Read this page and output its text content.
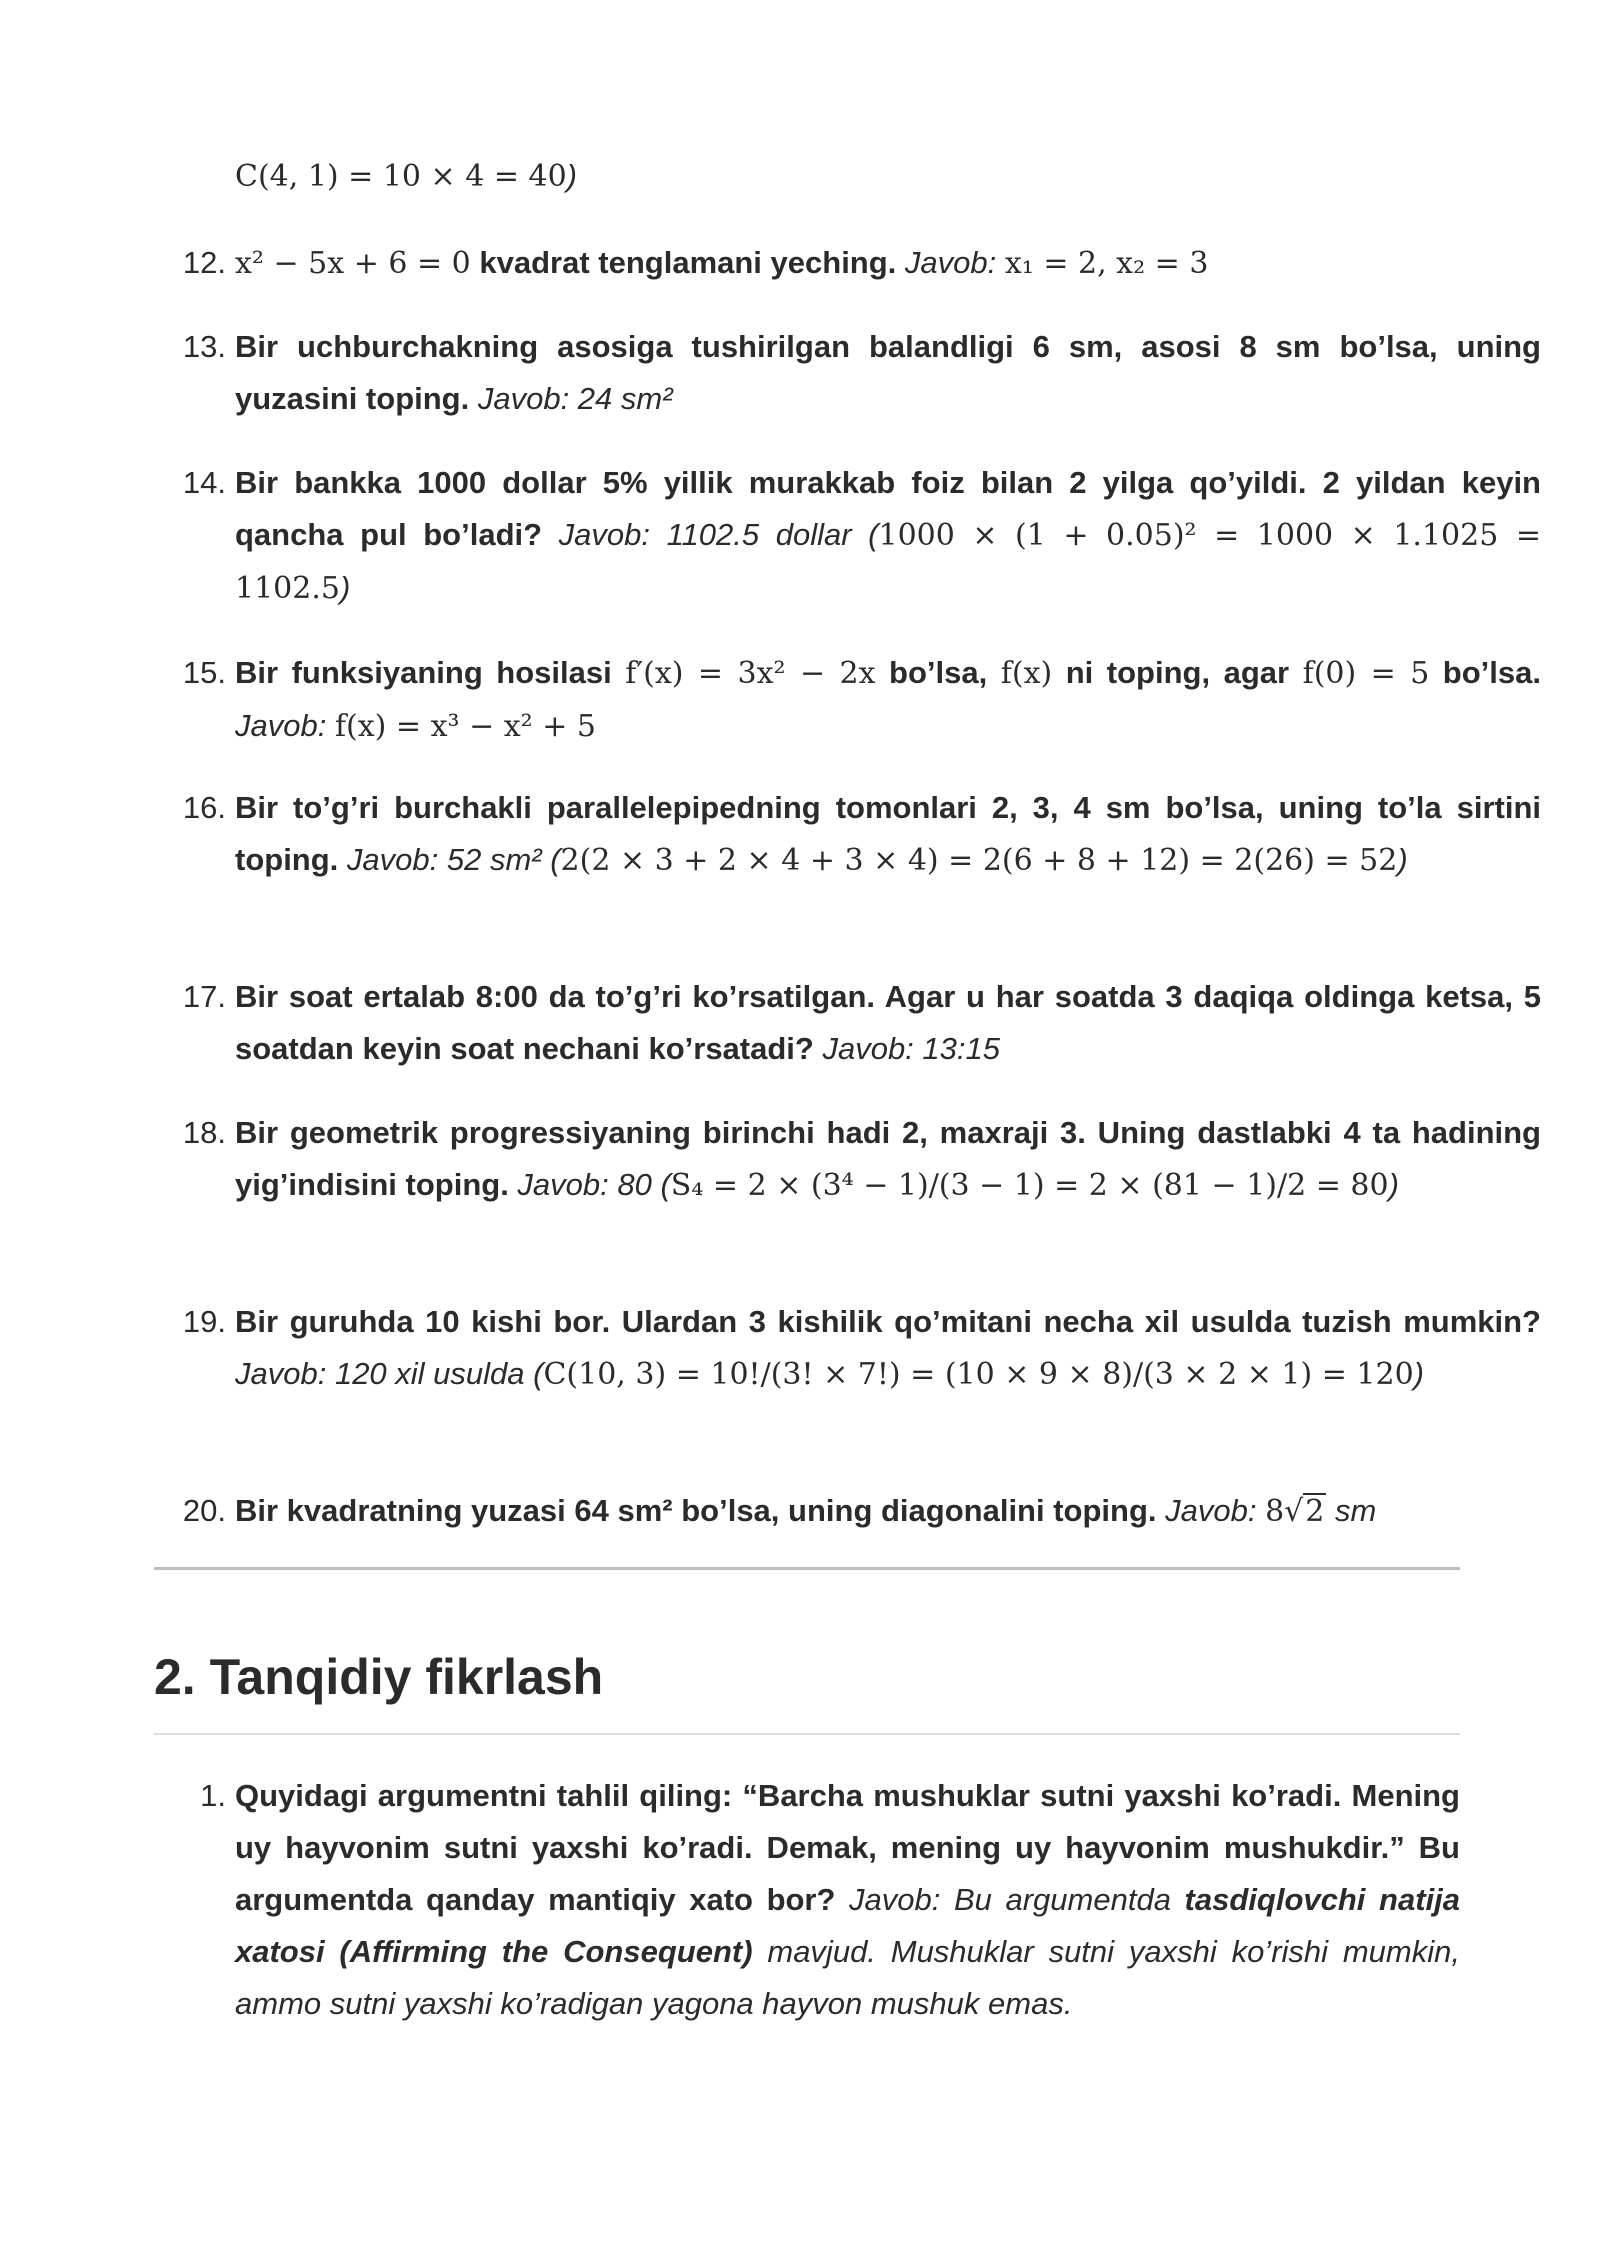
C(4, 1) = 10 × 4 = 40)
12. x² − 5x + 6 = 0 kvadrat tenglamani yeching. Javob: x₁ = 2, x₂ = 3
13. Bir uchburchakning asosiga tushirilgan balandligi 6 sm, asosi 8 sm bo’lsa, uning yuzasini toping. Javob: 24 sm²
14. Bir bankka 1000 dollar 5% yillik murakkab foiz bilan 2 yilga qo’yildi. 2 yildan keyin qancha pul bo’ladi? Javob: 1102.5 dollar (1000 × (1 + 0.05)² = 1000 × 1.1025 = 1102.5)
15. Bir funksiyaning hosilasi f′(x) = 3x² − 2x bo’lsa, f(x) ni toping, agar f(0) = 5 bo’lsa. Javob: f(x) = x³ − x² + 5
16. Bir to’g’ri burchakli parallelepipedning tomonlari 2, 3, 4 sm bo’lsa, uning to’la sirtini toping. Javob: 52 sm² (2(2 × 3 + 2 × 4 + 3 × 4) = 2(6 + 8 + 12) = 2(26) = 52)
17. Bir soat ertalab 8:00 da to’g’ri ko’rsatilgan. Agar u har soatda 3 daqiqa oldinga ketsa, 5 soatdan keyin soat nechani ko’rsatadi? Javob: 13:15
18. Bir geometrik progressiyaning birinchi hadi 2, maxraji 3. Uning dastlabki 4 ta hadining yig’indisini toping. Javob: 80 (S₄ = 2 × (3⁴ − 1)/(3 − 1) = 2 × (81 − 1)/2 = 80)
19. Bir guruhda 10 kishi bor. Ulardan 3 kishilik qo’mitani necha xil usulda tuzish mumkin? Javob: 120 xil usulda (C(10, 3) = 10!/(3! × 7!) = (10 × 9 × 8)/(3 × 2 × 1) = 120)
20. Bir kvadratning yuzasi 64 sm² bo’lsa, uning diagonalini toping. Javob: 8√2 sm
2. Tanqidiy fikrlash
1. Quyidagi argumentni tahlil qiling: “Barcha mushuklar sutni yaxshi ko’radi. Mening uy hayvonim sutni yaxshi ko’radi. Demak, mening uy hayvonim mushukdir.” Bu argumentda qanday mantiqiy xato bor? Javob: Bu argumentda tasdiqlovchi natija xatosi (Affirming the Consequent) mavjud. Mushuklar sutni yaxshi ko’rishi mumkin, ammo sutni yaxshi ko’radigan yagona hayvon mushuk emas.
